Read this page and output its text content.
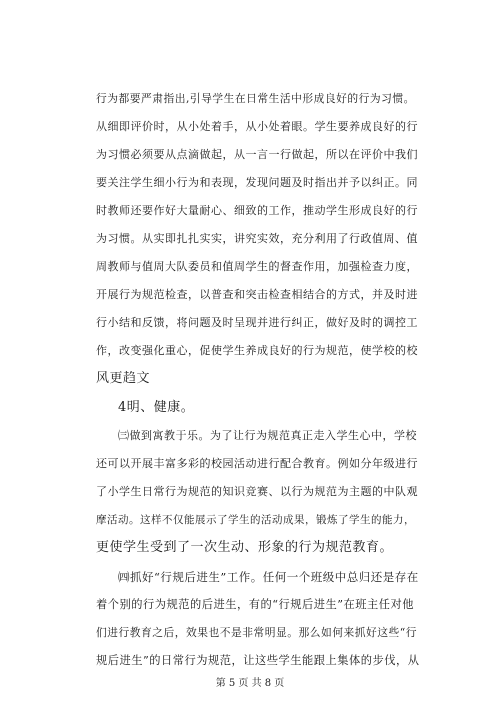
行为都要严肃指出,引导学生在日常生活中形成良好的行为习惯。
从细即评价时，从小处着手，从小处着眼。学生要养成良好的行
为习惯必须要从点滴做起，从一言一行做起，所以在评价中我们
要关注学生细小行为和表现，发现问题及时指出并予以纠正。同
时教师还要作好大量耐心、细致的工作，推动学生形成良好的行
为习惯。从实即扎扎实实，讲究实效，充分利用了行政值周、值
周教师与值周大队委员和值周学生的督查作用，加强检查力度，
开展行为规范检查，以普查和突击检查相结合的方式，并及时进
行小结和反馈，将问题及时呈现并进行纠正，做好及时的调控工
作，改变强化重心，促使学生养成良好的行为规范，使学校的校
风更趋文
4明、健康。
㈢做到寓教于乐。为了让行为规范真正走入学生心中，学校
还可以开展丰富多彩的校园活动进行配合教育。例如分年级进行
了小学生日常行为规范的知识竞赛、以行为规范为主题的中队观
摩活动。这样不仅能展示了学生的活动成果，锻炼了学生的能力，
更使学生受到了一次生动、形象的行为规范教育。
㈣抓好“行规后进生”工作。任何一个班级中总归还是存在
着个别的行为规范的后进生，有的“行规后进生”在班主任对他
们进行教育之后，效果也不是非常明显。那么如何来抓好这些“行
规后进生”的日常行为规范，让这些学生能跟上集体的步伐，从
第 5 页 共 8 页
